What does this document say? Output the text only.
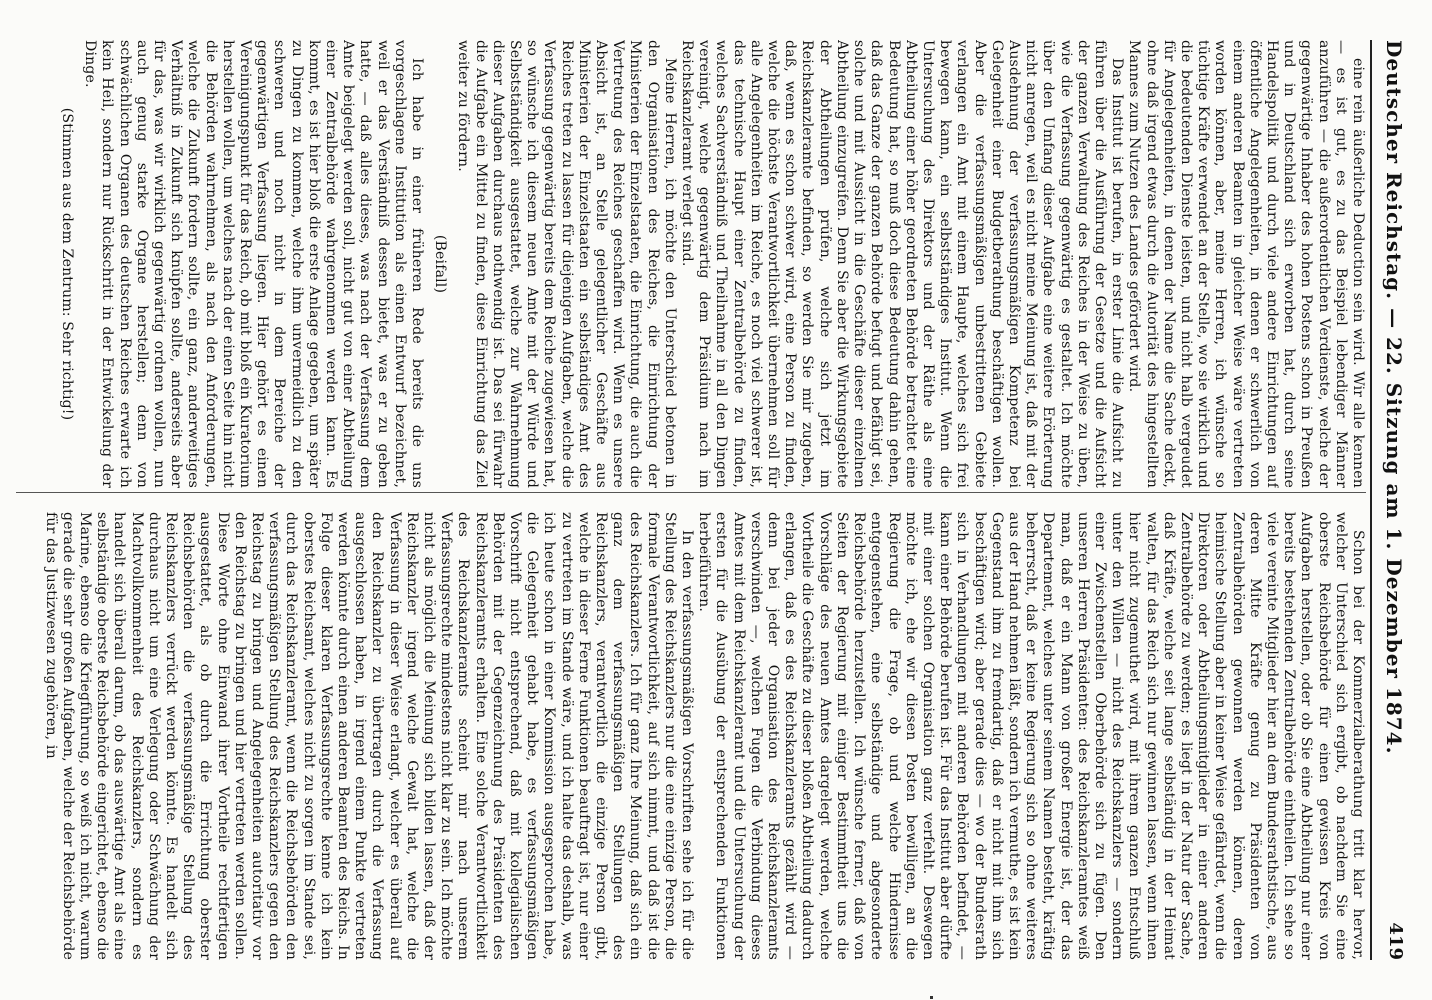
Deutscher Reichstag. — 22. Sitzung am 1. Dezember 1874.
419

eine rein äußerliche Deduction sein wird. Wir alle kennen — es ist gut, es zu das Beispiel lebendiger Männer anzuführen — die außerordentlichen Verdienste, welche der gegenwärtige Inhaber des hohen Postens schon in Preußen und in Deutschland sich erworben hat, durch seine Handelspolitik und durch viele andere Einrichtungen auf öffentliche Angelegenheiten, in denen er schwerlich von einem anderen Beamten in gleicher Weise wäre vertreten worden können, aber, meine Herren, ich wünsche so tüchtige Kräfte verwendet an der Stelle, wo sie wirklich und die bedeutenden Dienste leisten, und nicht halb vergeudet für Angelegenheiten, in denen der Name die Sache deckt, ohne daß irgend etwas durch die Autorität des hingestellten Mannes zum Nutzen des Landes gefördert wird.

Das Institut ist berufen, in erster Linie die Aufsicht zu führen über die Ausführung der Gesetze und die Aufsicht der ganzen Verwaltung des Reiches in der Weise zu üben, wie die Verfassung gegenwärtig es gestaltet. Ich möchte über den Umfang dieser Aufgabe eine weitere Erörterung nicht anregen, weil es nicht meine Meinung ist, daß mit der Ausdehnung der verfassungsmäßigen Kompetenz bei Gelegenheit einer Budgetberathung beschäftigen wollen. Aber die verfassungsmäßigen unbestrittenen Gebiete verlangen ein Amt mit einem Haupte, welches sich frei bewegen kann, ein selbstständiges Institut. Wenn die Untersuchung des Direktors und der Räthe als eine Abtheilung einer höher geordneten Behörde betrachtet eine Bedeutung hat, so muß doch diese Bedeutung dahin gehen, daß das Ganze der ganzen Behörde befugt und befähigt sei, solche und mit Aussicht in die Geschäfte dieser einzelnen Abtheilung einzugreifen. Denn Sie aber die Wirkungsgebiete der Abtheilungen prüfen, welche sich jetzt im Reichskanzleramte befinden, so werden Sie mir zugeben, daß, wenn es schon schwer wird, eine Person zu finden, welche die höchste Verantwortlichkeit übernehmen soll für alle Angelegenheiten im Reiche, es noch viel schwerer ist, das technische Haupt einer Zentralbehörde zu finden, welches Sachverständniß und Theilnahme in all den Dingen vereinigt, welche gegenwärtig dem Präsidium nach im Reichskanzleramt verlegt sind.

Meine Herren, ich möchte den Unterschied betonen in den Organisationen des Reiches, die Einrichtung der Ministerien der Einzelstaaten, die Einrichtung, die auch die Vertretung des Reiches geschaffen wird. Wenn es unsere Absicht ist, an Stelle gelegentlicher Geschäfte aus Ministerien der Einzelstaaten ein selbständiges Amt des Reiches treten zu lassen für diejenigen Aufgaben, welche die Verfassung gegenwärtig bereits dem Reiche zugewiesen hat, so wünsche ich diesem neuen Amte mit der Würde und Selbstständigkeit ausgestattet, welche zur Wahrnehmung dieser Aufgaben durchaus nothwendig ist. Das sei fürwahr die Aufgabe ein Mittel zu finden, diese Einrichtung das Ziel weiter zu fördern.

(Beifall)

Ich habe in einer früheren Rede bereits die uns vorgeschlagene Institution als einen Entwurf bezeichnet, weil er das Verständniß dessen bietet, was er zu geben hatte, — daß alles dieses, was nach der Verfassung dem Amte beigelegt werden soll, nicht gut von einer Abtheilung einer Zentralbehörde wahrgenommen werden kann. Es kommt, es ist hier bloß die erste Anlage gegeben, um später zu Dingen zu kommen, welche ihm unvermeidlich zu den schweren und noch nicht in dem Bereiche der gegenwärtigen Verfassung liegen. Hier gehört es einen Vereinigungspunkt für das Reich, ob mit bloß ein Kuratorium herstellen wollen, um welches nach der einen Seite hin nicht die Behörden wahrnehmen, als nach den Anforderungen, welche die Zukunft fordern sollte, ein ganz, anderweitiges Verhältniß in Zukunft sich knüpfen sollte, anderseits aber für das, was wir wirklich gegenwärtig ordnen wollen, nun auch genug starke Organe herstellen; denn von schwächlichen Organen des deutschen Reiches erwarte ich kein Heil, sondern nur Rückschritt in der Entwickelung der Dinge.

(Stimmen aus dem Zentrum: Sehr richtig!)

Schon bei der Kommerzialberathung tritt klar hervor, welcher Unterschied sich ergibt, ob nachdem Sie eine oberste Reichsbehörde für einen gewissen Kreis von Aufgaben herstellen, oder ob Sie eine Abtheilung nur einer bereits bestehenden Zentralbehörde eintheilen. Ich sehe so viele vereinte Mitglieder hier an dem Bundesrathstische, aus deren Mitte Kräfte genug zu Präsidenten von Zentralbehörden gewonnen werden können, deren heimische Stellung aber in keiner Weise gefährdet, wenn die Direktoren oder Abtheilungsmitglieder in einer anderen Zentralbehörde zu werden; es liegt in der Natur der Sache, daß Kräfte, welche seit lange selbständig in der Heimat walten, für das Reich sich nur gewinnen lassen, wenn ihnen hier nicht zugemuthet wird, mit ihrem ganzen Entschluß unter den Willen — nicht des Reichskanzlers — sondern einer Zwischenstellen Oberbehörde sich zu fügen. Den unseren Herren Präsidenten: des Reichskanzleramtes weiß man, daß er ein Mann von großer Energie ist, der das Departement, welches unter seinem Namen besteht, kräftig beherrscht, daß er keine Regierung sich so ohne weiteres aus der Hand nehmen läßt, sondern ich vermuthe, es ist kein Gegenstand ihm zu fremdartig, daß er nicht mit ihm sich beschäftigen wird; aber gerade dies — wo der Bundesrath sich in Verhandlungen mit anderen Behörden befindet, — kann einer Behörde berufen ist. Für das Institut aber dürfte mit einer solchen Organisation ganz verfehlt. Deswegen möchte ich, ehe wir diesen Posten bewilligen, an die Regierung die Frage, ob und welche Hindernisse entgegenstehen, eine selbständige und abgesonderte Reichsbehörde herzustellen. Ich wünsche ferner, daß von Seiten der Regierung mit einiger Bestimmtheit uns die Vorschläge des neuen Amtes dargelegt werden, welche Vortheile die Geschäfte zu dieser bloßen Abtheilung dadurch erlangen, daß es des Reichskanzleramts gezählt wird — denn bei jeder Organisation des Reichskanzleramts verschwinden —, welchen Fugen die Verbindung dieses Amtes mit dem Reichskanzleramt und die Untersuchung der ersten für die Ausübung der entsprechenden Funktionen herbeiführen.

In den verfassungsmäßigen Vorschriften sehe ich für die Stellung des Reichskanzlers nur die eine einzige Person, die formale Verantwortlichkeit, auf sich nimmt, und daß ist die des Reichskanzlers. Ich für ganz Ihre Meinung, daß sich ein ganz dem verfassungsmäßigen Stellungen des Reichskanzlers, verantwortlich die einzige Person gibt, welche in dieser Ferne Funktionen beauftragt ist, nur einer zu vertreten im Stande wäre, und ich halte das deshalb, was ich heute schon in einer Kommission ausgesprochen habe, die Gelegenheit gehabt habe, es verfassungsmäßigen Vorschrift nicht entsprechend, daß mit kollegialischen Behörden mit der Gegenzeichnung des Präsidenten des Reichskanzleramts erhalten. Eine solche Verantwortlichkeit des Reichskanzleramts scheint mir nach unserem Verfassungsrechte mindestens nicht klar zu sein. Ich möchte nicht als möglich die Meinung sich bilden lassen, daß der Reichskanzler irgend welche Gewalt hat, welche die Verfassung in dieser Weise erlangt, welcher es überall auf den Reichskanzler zu übertragen durch die Verfassung ausgeschlossen haben, in irgend einem Punkte vertreten werden könnte durch einen anderen Beamten des Reichs. In Folge dieser klaren Verfassungsrechte kenne ich kein oberstes Reichsamt, welches nicht zu sorgen im Stande sei, durch das Reichskanzleramt, wenn die Reichsbehörden den verfassungsmäßigen Stellung des Reichskanzlers gegen den Reichstag zu bringen und Angelegenheiten autoritativ vor den Reichstag zu bringen und hier vertreten werden sollen. Diese Worte ohne Einwand ihrer Vortheile rechtfertigen ausgestattet, als ob durch die Errichtung oberster Reichsbehörden die verfassungsmäßige Stellung des Reichskanzlers verrückt werden könnte. Es handelt sich durchaus nicht um eine Verlegung oder Schwächung der Machtvollkommenheit des Reichskanzlers, sondern es handelt sich überall darum, ob das auswärtige Amt als eine selbständige oberste Reichsbehörde eingerichtet, ebenso die Marine, ebenso die Kriegführung, so weiß ich nicht, warum gerade die sehr großen Aufgaben, welche der Reichsbehörde für das Justizwesen zugehören, in
